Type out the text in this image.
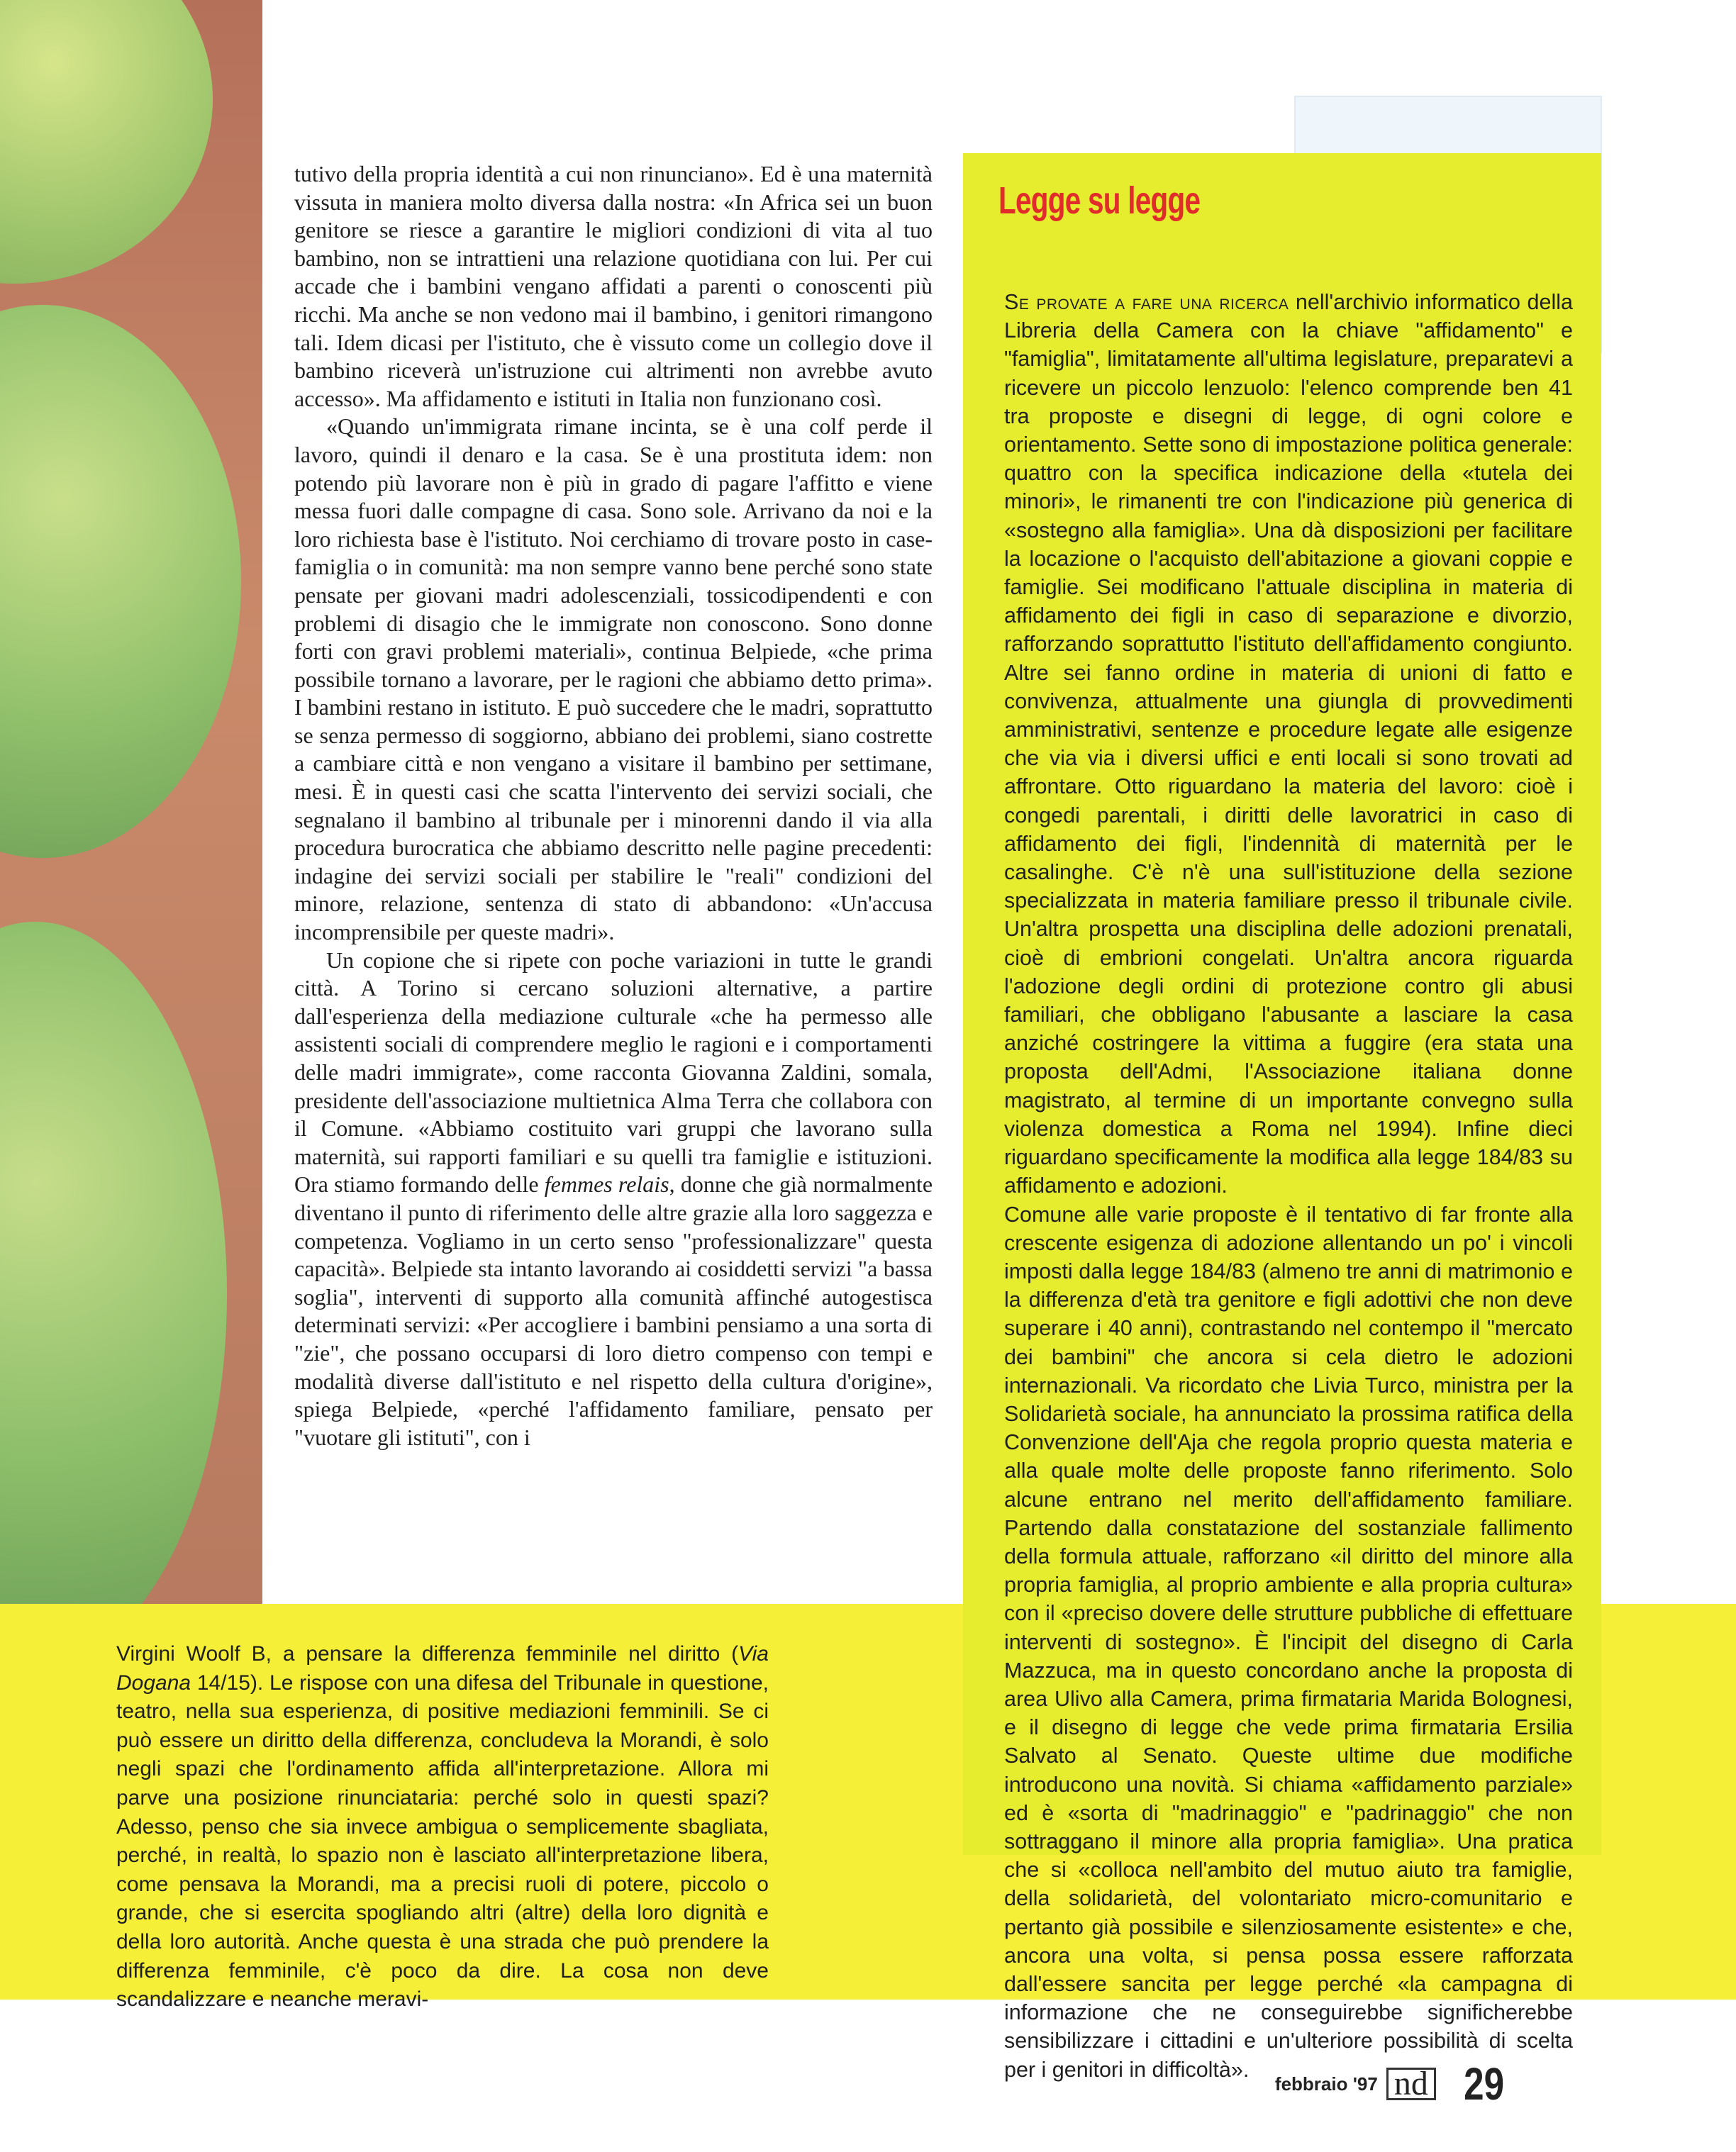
tutivo della propria identità a cui non rinunciano». Ed è una maternità vissuta in maniera molto diversa dalla nostra: «In Africa sei un buon genitore se riesce a garantire le migliori condizioni di vita al tuo bambino, non se intrattieni una relazione quotidiana con lui. Per cui accade che i bambini vengano affidati a parenti o conoscenti più ricchi. Ma anche se non vedono mai il bambino, i genitori rimangono tali. Idem dicasi per l'istituto, che è vissuto come un collegio dove il bambino riceverà un'istruzione cui altrimenti non avrebbe avuto accesso». Ma affidamento e istituti in Italia non funzionano così.

«Quando un'immigrata rimane incinta, se è una colf perde il lavoro, quindi il denaro e la casa. Se è una prostituta idem: non potendo più lavorare non è più in grado di pagare l'affitto e viene messa fuori dalle compagne di casa. Sono sole. Arrivano da noi e la loro richiesta base è l'istituto. Noi cerchiamo di trovare posto in case-famiglia o in comunità: ma non sempre vanno bene perché sono state pensate per giovani madri adolescenziali, tossicodipendenti e con problemi di disagio che le immigrate non conoscono. Sono donne forti con gravi problemi materiali», continua Belpiede, «che prima possibile tornano a lavorare, per le ragioni che abbiamo detto prima». I bambini restano in istituto. E può succedere che le madri, soprattutto se senza permesso di soggiorno, abbiano dei problemi, siano costrette a cambiare città e non vengano a visitare il bambino per settimane, mesi. È in questi casi che scatta l'intervento dei servizi sociali, che segnalano il bambino al tribunale per i minorenni dando il via alla procedura burocratica che abbiamo descritto nelle pagine precedenti: indagine dei servizi sociali per stabilire le "reali" condizioni del minore, relazione, sentenza di stato di abbandono: «Un'accusa incomprensibile per queste madri».

Un copione che si ripete con poche variazioni in tutte le grandi città. A Torino si cercano soluzioni alternative, a partire dall'esperienza della mediazione culturale «che ha permesso alle assistenti sociali di comprendere meglio le ragioni e i comportamenti delle madri immigrate», come racconta Giovanna Zaldini, somala, presidente dell'associazione multietnica Alma Terra che collabora con il Comune. «Abbiamo costituito vari gruppi che lavorano sulla maternità, sui rapporti familiari e su quelli tra famiglie e istituzioni. Ora stiamo formando delle femmes relais, donne che già normalmente diventano il punto di riferimento delle altre grazie alla loro saggezza e competenza. Vogliamo in un certo senso "professionalizzare" questa capacità». Belpiede sta intanto lavorando ai cosiddetti servizi "a bassa soglia", interventi di supporto alla comunità affinché autogestisca determinati servizi: «Per accogliere i bambini pensiamo a una sorta di "zie", che possano occuparsi di loro dietro compenso con tempi e modalità diverse dall'istituto e nel rispetto della cultura d'origine», spiega Belpiede, «perché l'affidamento familiare, pensato per "vuotare gli istituti", con i

Legge su legge

Se provate a fare una ricerca nell'archivio informatico della Libreria della Camera con la chiave "affidamento" e "famiglia", limitatamente all'ultima legislature, preparatevi a ricevere un piccolo lenzuolo: l'elenco comprende ben 41 tra proposte e disegni di legge, di ogni colore e orientamento. Sette sono di impostazione politica generale: quattro con la specifica indicazione della «tutela dei minori», le rimanenti tre con l'indicazione più generica di «sostegno alla famiglia». Una dà disposizioni per facilitare la locazione o l'acquisto dell'abitazione a giovani coppie e famiglie. Sei modificano l'attuale disciplina in materia di affidamento dei figli in caso di separazione e divorzio, rafforzando soprattutto l'istituto dell'affidamento congiunto. Altre sei fanno ordine in materia di unioni di fatto e convivenza, attualmente una giungla di provvedimenti amministrativi, sentenze e procedure legate alle esigenze che via via i diversi uffici e enti locali si sono trovati ad affrontare. Otto riguardano la materia del lavoro: cioè i congedi parentali, i diritti delle lavoratrici in caso di affidamento dei figli, l'indennità di maternità per le casalinghe. C'è n'è una sull'istituzione della sezione specializzata in materia familiare presso il tribunale civile. Un'altra prospetta una disciplina delle adozioni prenatali, cioè di embrioni congelati. Un'altra ancora riguarda l'adozione degli ordini di protezione contro gli abusi familiari, che obbligano l'abusante a lasciare la casa anziché costringere la vittima a fuggire (era stata una proposta dell'Admi, l'Associazione italiana donne magistrato, al termine di un importante convegno sulla violenza domestica a Roma nel 1994). Infine dieci riguardano specificamente la modifica alla legge 184/83 su affidamento e adozioni.

Comune alle varie proposte è il tentativo di far fronte alla crescente esigenza di adozione allentando un po' i vincoli imposti dalla legge 184/83 (almeno tre anni di matrimonio e la differenza d'età tra genitore e figli adottivi che non deve superare i 40 anni), contrastando nel contempo il "mercato dei bambini" che ancora si cela dietro le adozioni internazionali. Va ricordato che Livia Turco, ministra per la Solidarietà sociale, ha annunciato la prossima ratifica della Convenzione dell'Aja che regola proprio questa materia e alla quale molte delle proposte fanno riferimento. Solo alcune entrano nel merito dell'affidamento familiare. Partendo dalla constatazione del sostanziale fallimento della formula attuale, rafforzano «il diritto del minore alla propria famiglia, al proprio ambiente e alla propria cultura» con il «preciso dovere delle strutture pubbliche di effettuare interventi di sostegno». È l'incipit del disegno di Carla Mazzuca, ma in questo concordano anche la proposta di area Ulivo alla Camera, prima firmataria Marida Bolognesi, e il disegno di legge che vede prima firmataria Ersilia Salvato al Senato. Queste ultime due modifiche introducono una novità. Si chiama «affidamento parziale» ed è «sorta di "madrinaggio" e "padrinaggio" che non sottraggano il minore alla propria famiglia». Una pratica che si «colloca nell'ambito del mutuo aiuto tra famiglie, della solidarietà, del volontariato micro-comunitario e pertanto già possibile e silenziosamente esistente» e che, ancora una volta, si pensa possa essere rafforzata dall'essere sancita per legge perché «la campagna di informazione che ne conseguirebbe significherebbe sensibilizzare i cittadini e un'ulteriore possibilità di scelta per i genitori in difficoltà».

Virgini Woolf B, a pensare la differenza femminile nel diritto (Via Dogana 14/15). Le rispose con una difesa del Tribunale in questione, teatro, nella sua esperienza, di positive mediazioni femminili. Se ci può essere un diritto della differenza, concludeva la Morandi, è solo negli spazi che l'ordinamento affida all'interpretazione. Allora mi parve una posizione rinunciataria: perché solo in questi spazi? Adesso, penso che sia invece ambigua o semplicemente sbagliata, perché, in realtà, lo spazio non è lasciato all'interpretazione libera, come pensava la Morandi, ma a precisi ruoli di potere, piccolo o grande, che si esercita spogliando altri (altre) della loro dignità e della loro autorità. Anche questa è una strada che può prendere la differenza femminile, c'è poco da dire. La cosa non deve scandalizzare e neanche meravi-

febbraio '97 nd 29
